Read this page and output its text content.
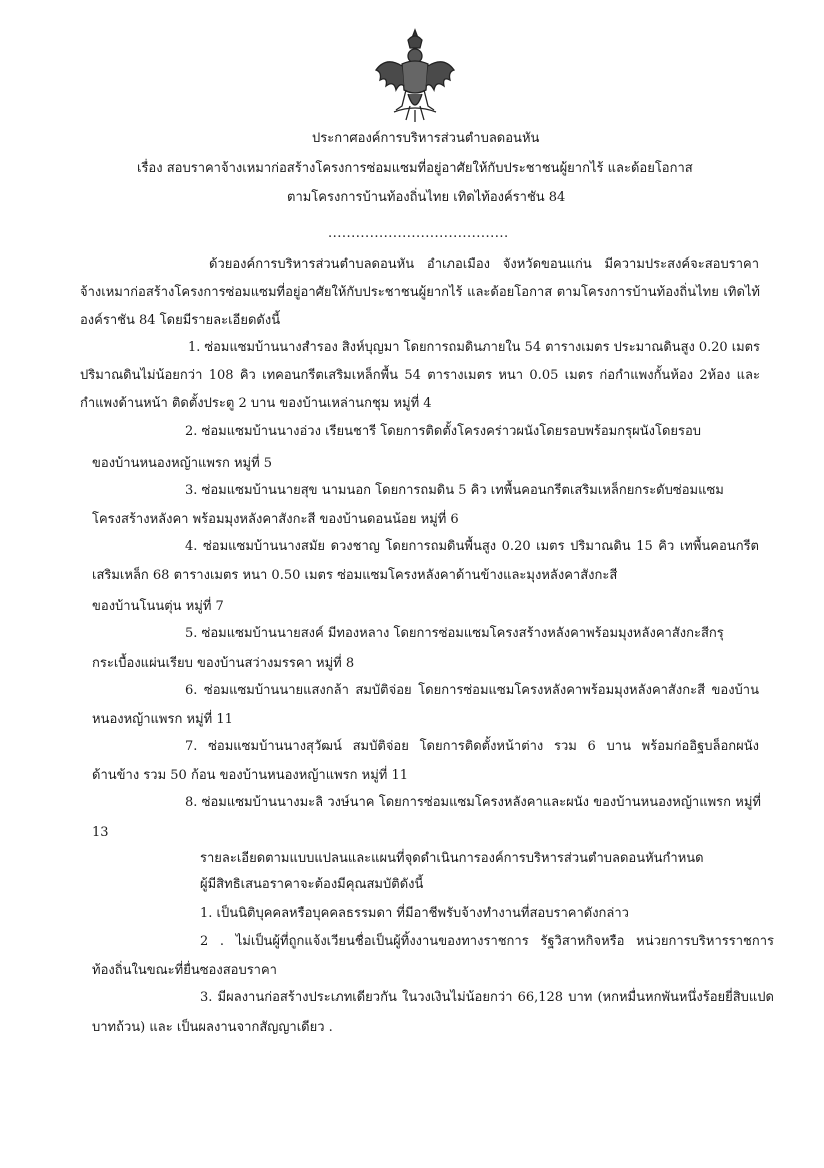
ประกาศองค์การบริหารส่วนตำบลดอนหัน
เรื่อง สอบราคาจ้างเหมาก่อสร้างโครงการซ่อมแซมที่อยู่อาศัยให้กับประชาชนผู้ยากไร้ และด้อยโอกาส
ตามโครงการบ้านท้องถิ่นไทย เทิดไท้องค์ราชัน 84
.......................................
ด้วยองค์การบริหารส่วนตำบลดอนหัน อำเภอเมือง จังหวัดขอนแก่น มีความประสงค์จะสอบราคา
จ้างเหมาก่อสร้างโครงการซ่อมแซมที่อยู่อาศัยให้กับประชาชนผู้ยากไร้ และด้อยโอกาส ตามโครงการบ้านท้องถิ่นไทย เทิดไท้
องค์ราชัน 84 โดยมีรายละเอียดดังนี้
1. ซ่อมแซมบ้านนางสำรอง สิงห์บุญมา โดยการถมดินภายใน 54 ตารางเมตร ประมาณดินสูง 0.20 เมตร
ปริมาณดินไม่น้อยกว่า 108 คิว เทคอนกรีตเสริมเหล็กพื้น 54 ตารางเมตร หนา 0.05 เมตร ก่อกำแพงกั้นห้อง 2ห้อง และ
กำแพงด้านหน้า ติดตั้งประตู 2 บาน ของบ้านเหล่านกชุม หมู่ที่ 4
2. ซ่อมแซมบ้านนางอ่วง เรียนชารี โดยการติดตั้งโครงคร่าวผนังโดยรอบพร้อมกรุผนังโดยรอบ
ของบ้านหนองหญ้าแพรก หมู่ที่ 5
3. ซ่อมแซมบ้านนายสุข นามนอก โดยการถมดิน 5 คิว เทพื้นคอนกรีตเสริมเหล็กยกระดับซ่อมแซม
โครงสร้างหลังคา พร้อมมุงหลังคาสังกะสี ของบ้านดอนน้อย หมู่ที่ 6
4. ซ่อมแซมบ้านนางสมัย ดวงชาญ โดยการถมดินพื้นสูง 0.20 เมตร ปริมาณดิน 15 คิว เทพื้นคอนกรีต
เสริมเหล็ก 68 ตารางเมตร หนา 0.50 เมตร ซ่อมแซมโครงหลังคาด้านข้างและมุงหลังคาสังกะสี
ของบ้านโนนตุ่น หมู่ที่ 7
5. ซ่อมแซมบ้านนายสงค์ มีทองหลาง โดยการซ่อมแซมโครงสร้างหลังคาพร้อมมุงหลังคาสังกะสีกรุ
กระเบื้องแผ่นเรียบ ของบ้านสว่างมรรคา หมู่ที่ 8
6. ซ่อมแซมบ้านนายแสงกล้า สมบัติจ่อย โดยการซ่อมแซมโครงหลังคาพร้อมมุงหลังคาสังกะสี ของบ้าน
หนองหญ้าแพรก หมู่ที่ 11
7. ซ่อมแซมบ้านนางสุวัฒน์ สมบัติจ่อย โดยการติดตั้งหน้าต่าง รวม 6 บาน พร้อมก่ออิฐบล็อกผนัง
ด้านข้าง รวม 50 ก้อน ของบ้านหนองหญ้าแพรก หมู่ที่ 11
8. ซ่อมแซมบ้านนางมะลิ วงษ์นาค โดยการซ่อมแซมโครงหลังคาและผนัง ของบ้านหนองหญ้าแพรก หมู่ที่
13
รายละเอียดตามแบบแปลนและแผนที่จุดดำเนินการองค์การบริหารส่วนตำบลดอนหันกำหนด
ผู้มีสิทธิเสนอราคาจะต้องมีคุณสมบัติดังนี้
1. เป็นนิติบุคคลหรือบุคคลธรรมดา ที่มีอาชีพรับจ้างทำงานที่สอบราคาดังกล่าว
2 . ไม่เป็นผู้ที่ถูกแจ้งเวียนชื่อเป็นผู้ทิ้งงานของทางราชการ รัฐวิสาหกิจหรือ หน่วยการบริหารราชการ
ท้องถิ่นในขณะที่ยื่นซองสอบราคา
3. มีผลงานก่อสร้างประเภทเดียวกัน ในวงเงินไม่น้อยกว่า 66,128 บาท (หกหมื่นหกพันหนึ่งร้อยยี่สิบแปด
บาทถ้วน) และ เป็นผลงานจากสัญญาเดียว .
